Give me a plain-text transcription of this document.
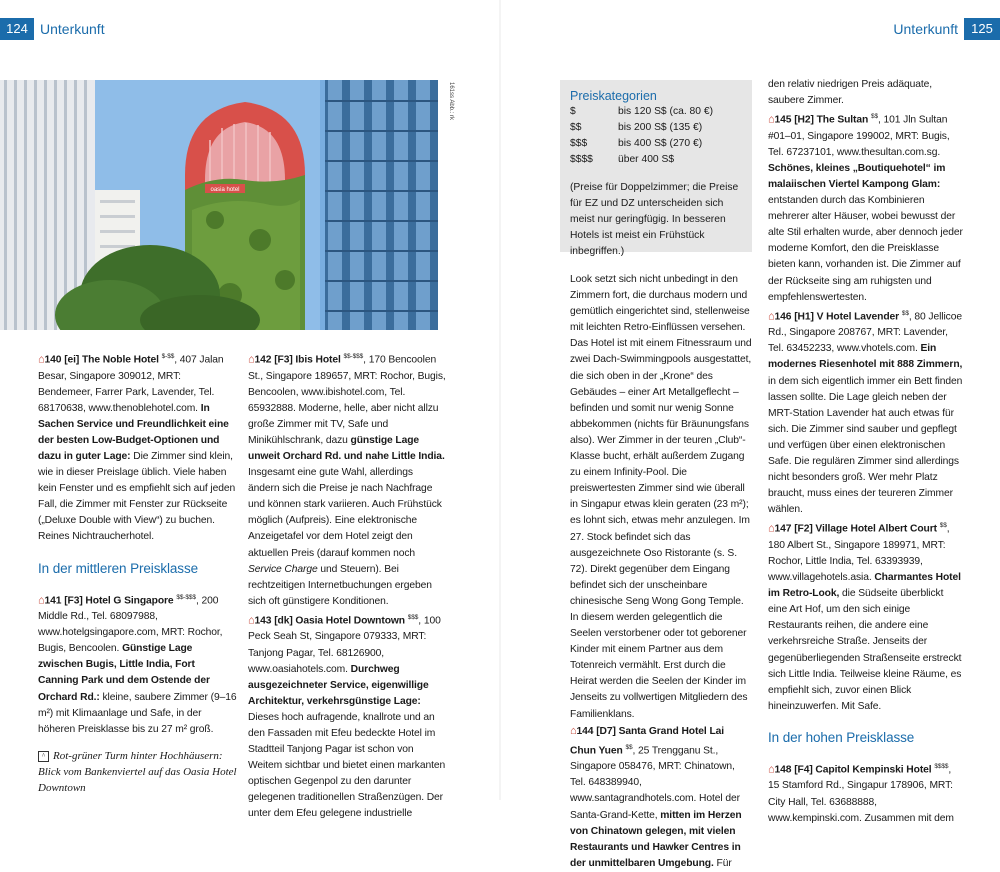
124 Unterkunft
oasia hotel
161ss Abb.: rk

⌂140 [ei] The Noble Hotel $-$$, 407 Jalan Besar, Singapore 309012, MRT: Bendemeer, Farrer Park, Lavender, Tel. 68170638, www.thenoblehotel.com. In Sachen Service und Freundlichkeit eine der besten Low-Budget-Optionen und dazu in guter Lage: Die Zimmer sind klein, wie in dieser Preislage üblich. Viele haben kein Fenster und es empfiehlt sich auf jeden Fall, die Zimmer mit Fenster zur Rückseite („Deluxe Double with View“) zu buchen. Reines Nichtraucherhotel.

In der mittleren Preisklasse

⌂141 [F3] Hotel G Singapore $$-$$$, 200 Middle Rd., Tel. 68097988, www.hotelgsingapore.com, MRT: Rochor, Bugis, Bencoolen. Günstige Lage zwischen Bugis, Little India, Fort Canning Park und dem Ostende der Orchard Rd.: kleine, saubere Zimmer (9–16 m²) mit Klimaanlage und Safe, in der höheren Preisklasse bis zu 27 m² groß.

^ Rot-grüner Turm hinter Hochhäusern: Blick vom Bankenviertel auf das Oasia Hotel Downtown

⌂142 [F3] Ibis Hotel $$-$$$, 170 Bencoolen St., Singapore 189657, MRT: Rochor, Bugis, Bencoolen, www.ibishotel.com, Tel. 65932888. Moderne, helle, aber nicht allzu große Zimmer mit TV, Safe und Minikühlschrank, dazu günstige Lage unweit Orchard Rd. und nahe Little India. Insgesamt eine gute Wahl, allerdings ändern sich die Preise je nach Nachfrage und können stark variieren. Auch Frühstück möglich (Aufpreis). Eine elektronische Anzeigetafel vor dem Hotel zeigt den aktuellen Preis (darauf kommen noch Service Charge und Steuern). Bei rechtzeitigen Internetbuchungen ergeben sich oft günstigere Konditionen.

⌂143 [dk] Oasia Hotel Downtown $$$, 100 Peck Seah St, Singapore 079333, MRT: Tanjong Pagar, Tel. 68126900, www.oasiahotels.com. Durchweg ausgezeichneter Service, eigenwillige Architektur, verkehrsgünstige Lage: Dieses hoch aufragende, knallrote und an den Fassaden mit Efeu bedeckte Hotel im Stadtteil Tanjong Pagar ist schon von Weitem sichtbar und bietet einen markanten optischen Gegenpol zu den darunter gelegenen traditionellen Straßenzügen. Der unter dem Efeu gelegene industrielle

Unterkunft	125
Preiskategorien
$	bis 120 S$ (ca. 80 €)
$$	bis 200 S$ (135 €)
$$$	bis 400 S$ (270 €)
$$$$	über 400 S$
(Preise für Doppelzimmer; die Preise für EZ und DZ unterscheiden sich meist nur geringfügig. In besseren Hotels ist meist ein Frühstück inbegriffen.)

Look setzt sich nicht unbedingt in den Zimmern fort, die durchaus modern und gemütlich eingerichtet sind, stellenweise mit leichten Retro-Einflüssen versehen. Das Hotel ist mit einem Fitnessraum und zwei Dach-Swimmingpools ausgestattet, die sich oben in der „Krone“ des Gebäudes – einer Art Metallgeflecht – befinden und somit nur wenig Sonne abbekommen (nichts für Bräunungsfans also). Wer Zimmer in der teuren „Club“-Klasse bucht, erhält außerdem Zugang zu einem Infinity-Pool. Die preiswertesten Zimmer sind wie überall in Singapur etwas klein geraten (23 m²); es lohnt sich, etwas mehr anzulegen. Im 27. Stock befindet sich das ausgezeichnete Oso Ristorante (s. S. 72). Direkt gegenüber dem Eingang befindet sich der unscheinbare chinesische Seng Wong Gong Temple. In diesem werden gelegentlich die Seelen verstorbener oder tot geborener Kinder mit einem Partner aus dem Totenreich vermählt. Erst durch die Heirat werden die Seelen der Kinder im Jenseits zu vollwertigen Mitgliedern des Familienklans.

⌂144 [D7] Santa Grand Hotel Lai Chun Yuen $$, 25 Trengganu St., Singapore 058476, MRT: Chinatown, Tel. 648389940, www.santagrandhotels.com. Hotel der Santa-Grand-Kette, mitten im Herzen von Chinatown gelegen, mit vielen Restaurants und Hawker Centres in der unmittelbaren Umgebung. Für

den relativ niedrigen Preis adäquate, saubere Zimmer.

⌂145 [H2] The Sultan $$, 101 Jln Sultan #01–01, Singapore 199002, MRT: Bugis, Tel. 67237101, www.thesultan.com.sg. Schönes, kleines „Boutiquehotel“ im malaiischen Viertel Kampong Glam: entstanden durch das Kombinieren mehrerer alter Häuser, wobei bewusst der alte Stil erhalten wurde, aber dennoch jeder moderne Komfort, den die Preisklasse bieten kann, vorhanden ist. Die Zimmer auf der Rückseite sing am ruhigsten und empfehlenswertesten.

⌂146 [H1] V Hotel Lavender $$, 80 Jellicoe Rd., Singapore 208767, MRT: Lavender, Tel. 63452233, www.vhotels.com. Ein modernes Riesenhotel mit 888 Zimmern, in dem sich eigentlich immer ein Bett finden lassen sollte. Die Lage gleich neben der MRT-Station Lavender hat auch etwas für sich. Die Zimmer sind sauber und gepflegt und verfügen über einen elektronischen Safe. Die regulären Zimmer sind allerdings nicht besonders groß. Wer mehr Platz braucht, muss eines der teureren Zimmer wählen.

⌂147 [F2] Village Hotel Albert Court $$, 180 Albert St., Singapore 189971, MRT: Rochor, Little India, Tel. 63393939, www.villagehotels.asia. Charmantes Hotel im Retro-Look, die Südseite überblickt eine Art Hof, um den sich einige Restaurants reihen, die andere eine verkehrsreiche Straße. Jenseits der gegenüberliegenden Straßenseite erstreckt sich Little India. Teilweise kleine Räume, es empfiehlt sich, zuvor einen Blick hineinzuwerfen. Mit Safe.

In der hohen Preisklasse

⌂148 [F4] Capitol Kempinski Hotel $$$$, 15 Stamford Rd., Singapur 178906, MRT: City Hall, Tel. 63688888, www.kempinski.com. Zusammen mit dem
